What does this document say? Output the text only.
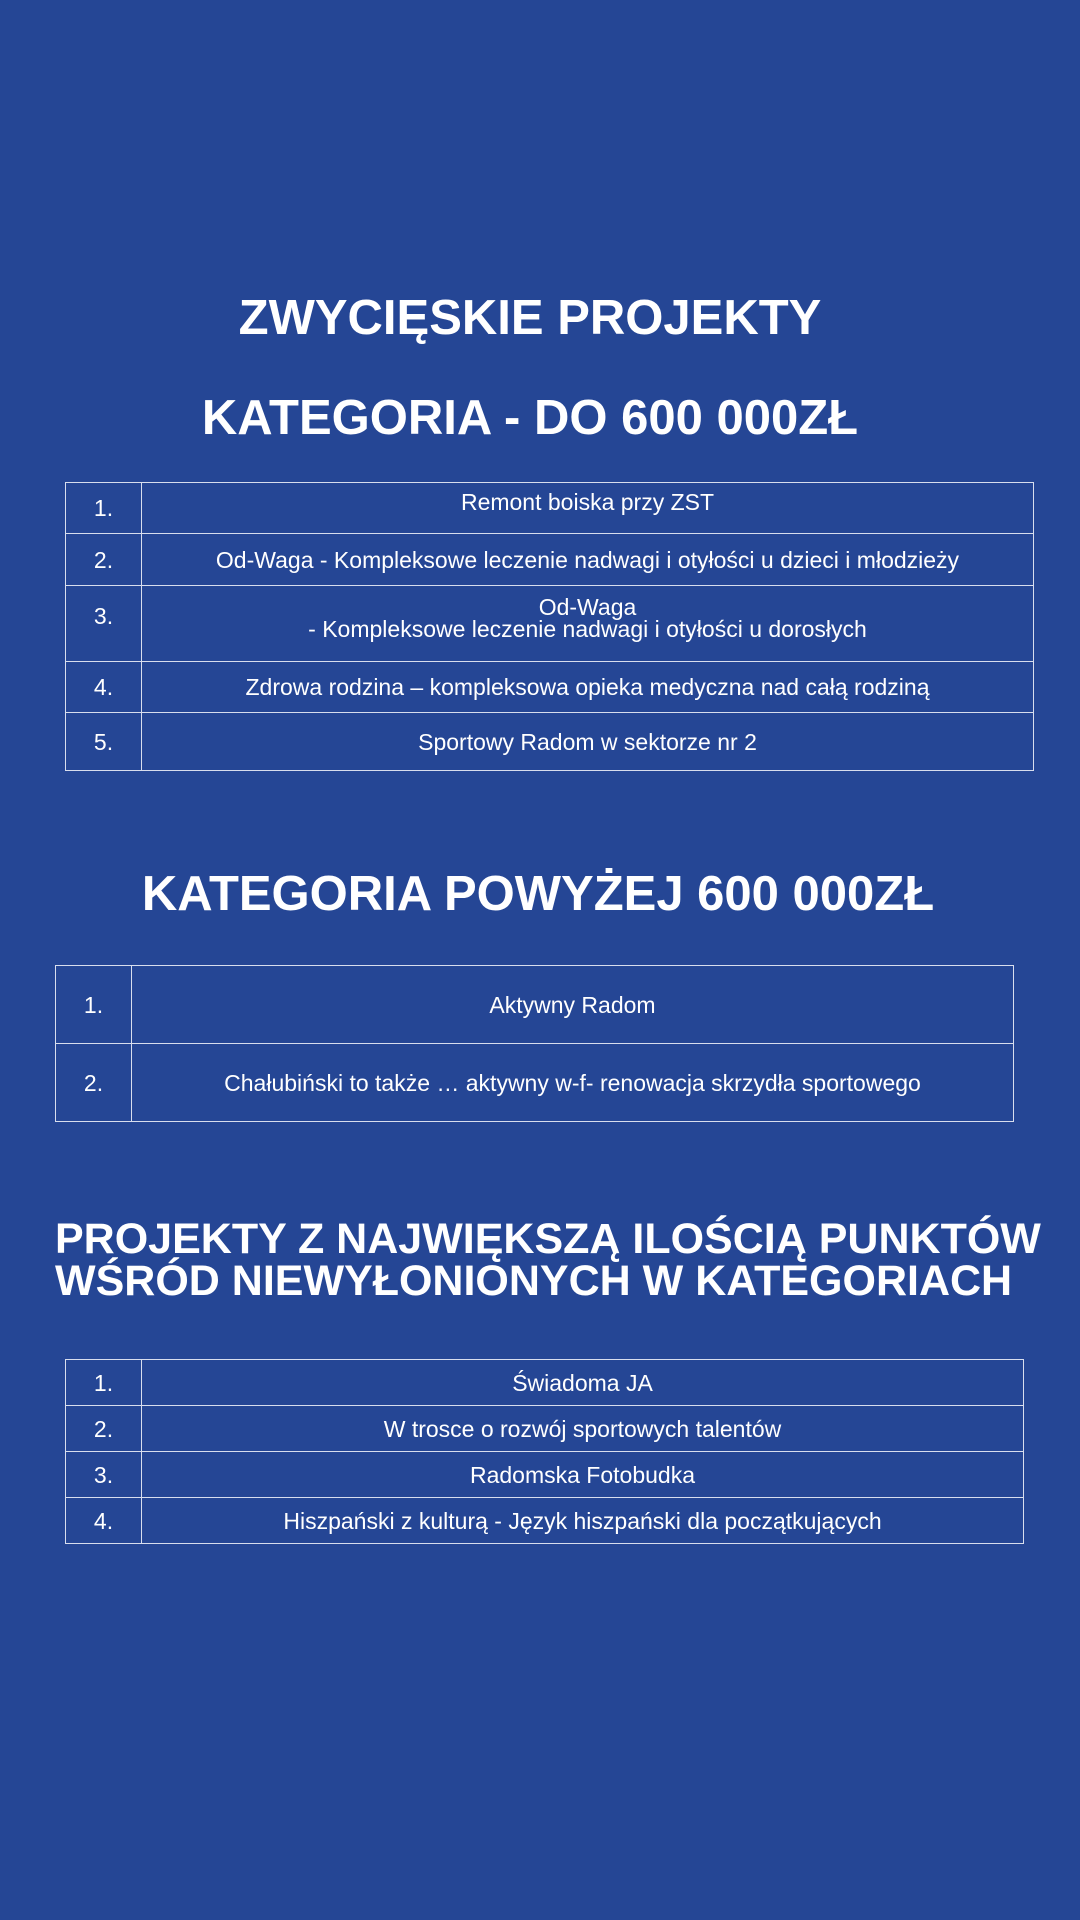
ZWYCIĘSKIE PROJEKTY
KATEGORIA - DO 600 000ZŁ
1.	Remont boiska przy ZST
2.	Od-Waga - Kompleksowe leczenie nadwagi i otyłości u dzieci i młodzieży
3.	Od-Waga
- Kompleksowe leczenie nadwagi i otyłości u dorosłych

4.	Zdrowa rodzina – kompleksowa opieka medyczna nad całą rodziną
5.	Sportowy Radom w sektorze nr 2
KATEGORIA POWYŻEJ 600 000ZŁ
1.	Aktywny Radom
2.	Chałubiński to także … aktywny w-f- renowacja skrzydła sportowego
PROJEKTY Z NAJWIĘKSZĄ ILOŚCIĄ PUNKTÓW
WŚRÓD NIEWYŁONIONYCH W KATEGORIACH
1.	Świadoma JA
2.	W trosce o rozwój sportowych talentów
3.	Radomska Fotobudka
4.	Hiszpański z kulturą - Język hiszpański dla początkujących
